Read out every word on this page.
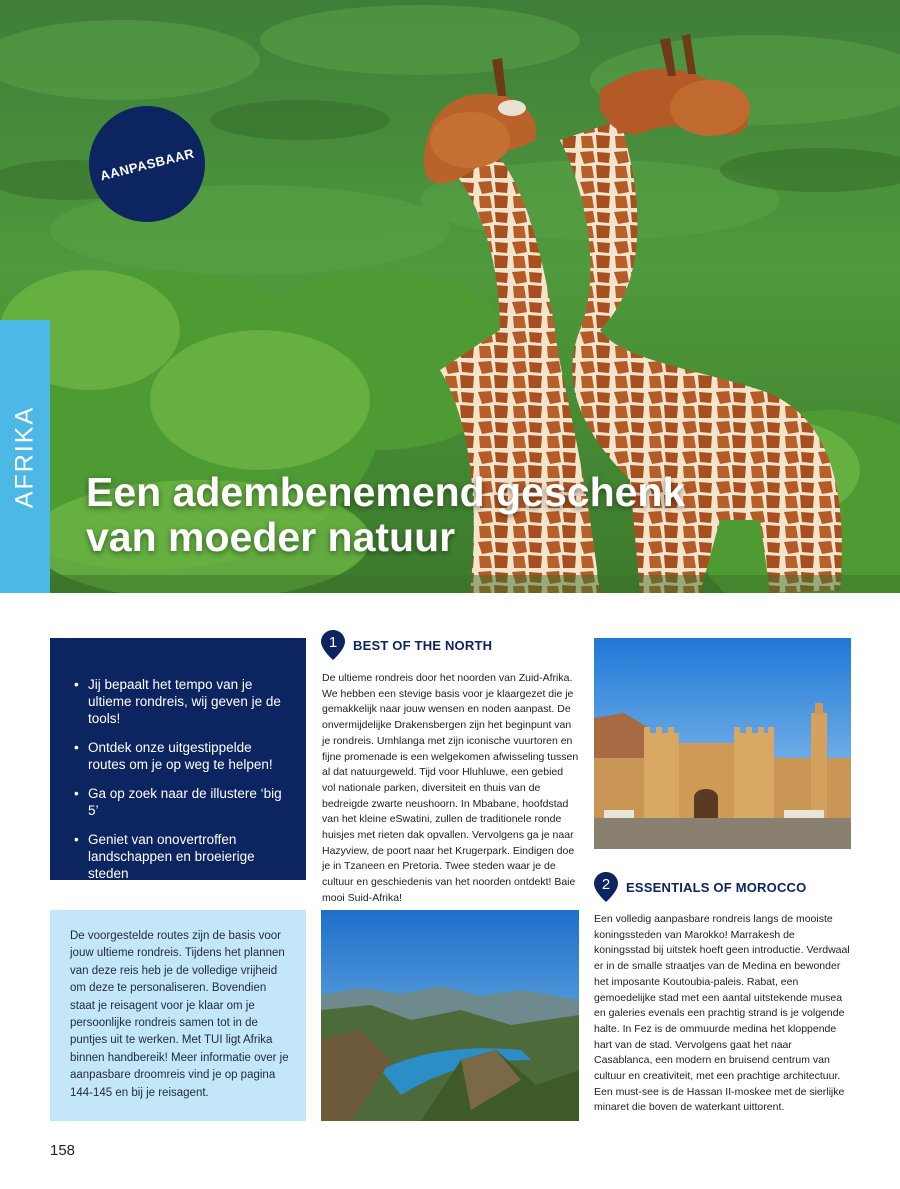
AANPASBAAR
AFRIKA Een adembenemend geschenk
van moeder natuur
• Jij bepaalt het tempo van je ultieme rondreis, wij geven je de tools!
• Ontdek onze uitgestippelde routes om je op weg te helpen!
• Ga op zoek naar de illustere ‘big 5’
• Geniet van onovertroffen landschappen en broeierige steden

De voorgestelde routes zijn de basis voor jouw ultieme rondreis. Tijdens het plannen van deze reis heb je de volledige vrijheid om deze te personaliseren. Bovendien staat je reisagent voor je klaar om je persoonlijke rondreis samen tot in de puntjes uit te werken. Met TUI ligt Afrika binnen handbereik! Meer informatie over je aanpasbare droomreis vind je op pagina 144-145 en bij je reisagent.

1 BEST OF THE NORTH

De ultieme rondreis door het noorden van Zuid-Afrika. We hebben een stevige basis voor je klaargezet die je gemakkelijk naar jouw wensen en noden aanpast. De onvermijdelijke Drakensbergen zijn het beginpunt van je rondreis. Umhlanga met zijn iconische vuurtoren en fijne promenade is een welgekomen afwisseling tussen al dat natuurgeweld. Tijd voor Hluhluwe, een gebied vol nationale parken, diversiteit en thuis van de bedreigde zwarte neushoorn. In Mbabane, hoofdstad van het kleine eSwatini, zullen de traditionele ronde huisjes met rieten dak opvallen. Vervolgens ga je naar Hazyview, de poort naar het Krugerpark. Eindigen doe je in Tzaneen en Pretoria. Twee steden waar je de cultuur en geschiedenis van het noorden ontdekt! Baie mooi Suid-Afrika!

2 ESSENTIALS OF MOROCCO

Een volledig aanpasbare rondreis langs de mooiste koningssteden van Marokko! Marrakesh de koningsstad bij uitstek hoeft geen introductie. Verdwaal er in de smalle straatjes van de Medina en bewonder het imposante Koutoubia-paleis. Rabat, een gemoedelijke stad met een aantal uitstekende musea en galeries evenals een prachtig strand is je volgende halte. In Fez is de ommuurde medina het kloppende hart van de stad. Vervolgens gaat het naar Casablanca, een modern en bruisend centrum van cultuur en creativiteit, met een prachtige architectuur. Een must-see is de Hassan II-moskee met de sierlijke minaret die boven de waterkant uittorent.

158
